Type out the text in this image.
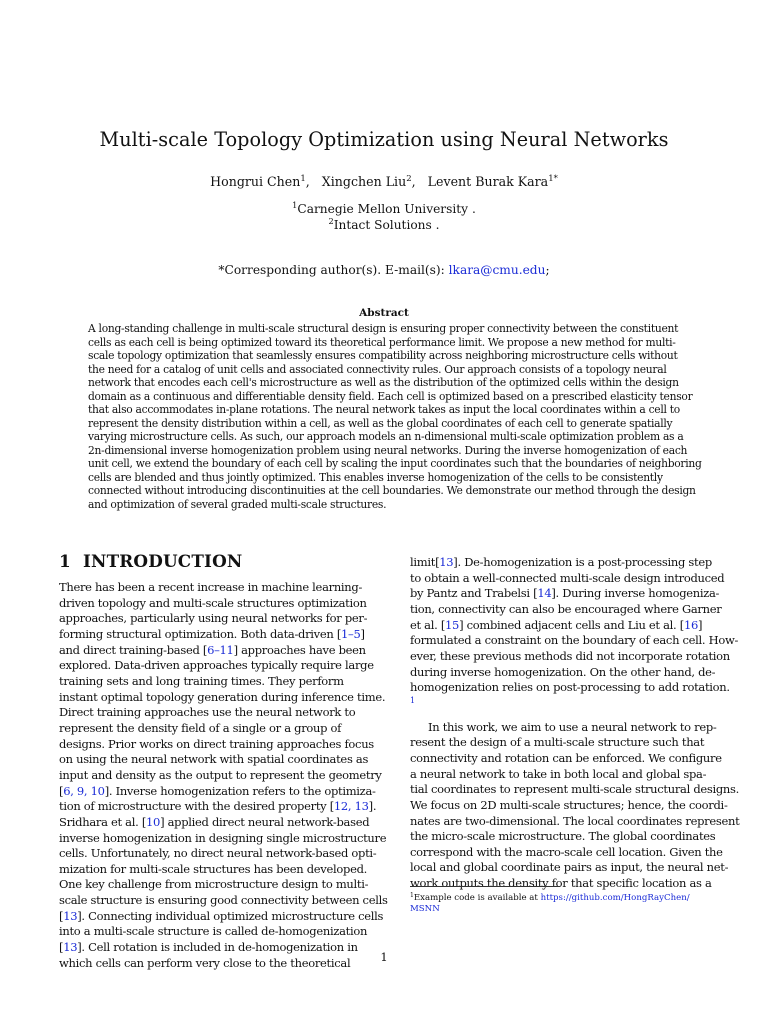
Multi-scale Topology Optimization using Neural Networks
Hongrui Chen$^1$,   Xingchen Liu$^2$,   Levent Burak Kara$^{1*}$
$^1$Carnegie Mellon University .
$^2$Intact Solutions .
*Corresponding author(s). E-mail(s): lkara@cmu.edu;
Abstract
A long-standing challenge in multi-scale structural design is ensuring proper connectivity between the constituent
cells as each cell is being optimized toward its theoretical performance limit. We propose a new method for multi-
scale topology optimization that seamlessly ensures compatibility across neighboring microstructure cells without
the need for a catalog of unit cells and associated connectivity rules. Our approach consists of a topology neural
network that encodes each cell's microstructure as well as the distribution of the optimized cells within the design
domain as a continuous and differentiable density field. Each cell is optimized based on a prescribed elasticity tensor
that also accommodates in-plane rotations. The neural network takes as input the local coordinates within a cell to
represent the density distribution within a cell, as well as the global coordinates of each cell to generate spatially
varying microstructure cells. As such, our approach models an n-dimensional multi-scale optimization problem as a
2n-dimensional inverse homogenization problem using neural networks. During the inverse homogenization of each
unit cell, we extend the boundary of each cell by scaling the input coordinates such that the boundaries of neighboring
cells are blended and thus jointly optimized. This enables inverse homogenization of the cells to be consistently
connected without introducing discontinuities at the cell boundaries. We demonstrate our method through the design
and optimization of several graded multi-scale structures.
1 INTRODUCTION
There has been a recent increase in machine learning-
driven topology and multi-scale structures optimization
approaches, particularly using neural networks for per-
forming structural optimization. Both data-driven [1–5]
and direct training-based [6–11] approaches have been
explored. Data-driven approaches typically require large
training sets and long training times. They perform
instant optimal topology generation during inference time.
Direct training approaches use the neural network to
represent the density field of a single or a group of
designs. Prior works on direct training approaches focus
on using the neural network with spatial coordinates as
input and density as the output to represent the geometry
[6, 9, 10]. Inverse homogenization refers to the optimiza-
tion of microstructure with the desired property [12, 13].
Sridhara et al. [10] applied direct neural network-based
inverse homogenization in designing single microstructure
cells. Unfortunately, no direct neural network-based opti-
mization for multi-scale structures has been developed.
One key challenge from microstructure design to multi-
scale structure is ensuring good connectivity between cells
[13]. Connecting individual optimized microstructure cells
into a multi-scale structure is called de-homogenization
[13]. Cell rotation is included in de-homogenization in
which cells can perform very close to the theoretical
limit[13]. De-homogenization is a post-processing step
to obtain a well-connected multi-scale design introduced
by Pantz and Trabelsi [14]. During inverse homogeniza-
tion, connectivity can also be encouraged where Garner
et al. [15] combined adjacent cells and Liu et al. [16]
formulated a constraint on the boundary of each cell. How-
ever, these previous methods did not incorporate rotation
during inverse homogenization. On the other hand, de-
homogenization relies on post-processing to add rotation.
$^1$
In this work, we aim to use a neural network to rep-
resent the design of a multi-scale structure such that
connectivity and rotation can be enforced. We configure
a neural network to take in both local and global spa-
tial coordinates to represent multi-scale structural designs.
We focus on 2D multi-scale structures; hence, the coordi-
nates are two-dimensional. The local coordinates represent
the micro-scale microstructure. The global coordinates
correspond with the macro-scale cell location. Given the
local and global coordinate pairs as input, the neural net-
work outputs the density for that specific location as a
$^1$Example code is available at https://github.com/HongRayChen/
MSNN
1
